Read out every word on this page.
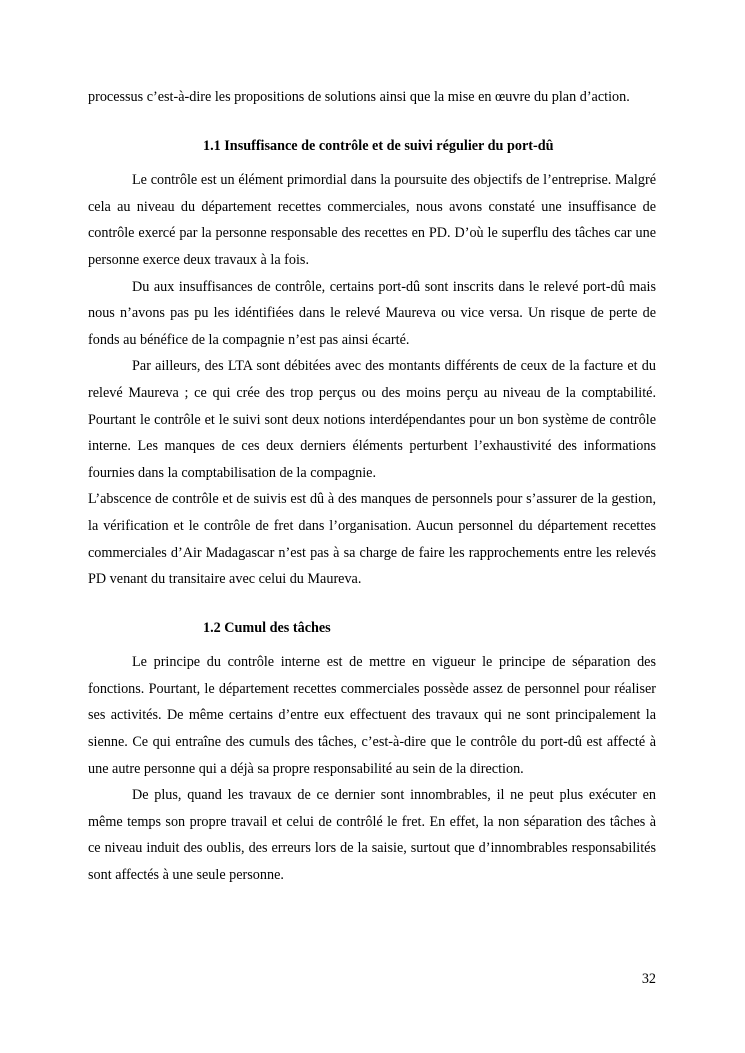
processus c’est-à-dire les propositions de solutions ainsi que la mise en œuvre du plan d’action.

1.1 Insuffisance de contrôle et de suivi régulier du port-dû

Le contrôle est un élément primordial dans la poursuite des objectifs de l’entreprise. Malgré cela au niveau du département recettes commerciales, nous avons constaté une insuffisance de contrôle exercé par la personne responsable des recettes en PD. D’où le superflu des tâches car une personne exerce deux travaux à la fois.

Du aux insuffisances de contrôle, certains port-dû sont inscrits dans le relevé port-dû mais nous n’avons pas pu les idéntifiées dans le relevé Maureva ou vice versa. Un risque de perte de fonds au bénéfice de la compagnie n’est pas ainsi écarté.

Par ailleurs, des LTA sont débitées avec des montants différents de ceux de la facture et du relevé Maureva ; ce qui crée des trop perçus ou des moins perçu au niveau de la comptabilité. Pourtant le contrôle et le suivi sont deux notions interdépendantes pour un bon système de contrôle interne. Les manques de ces deux derniers éléments perturbent l’exhaustivité des informations fournies dans la comptabilisation de la compagnie.

L’abscence de contrôle et de suivis est dû à des manques de personnels pour s’assurer de la gestion, la vérification et le contrôle de fret dans l’organisation. Aucun personnel du département recettes commerciales d’Air Madagascar n’est pas à sa charge de faire les rapprochements entre les relevés PD venant du transitaire avec celui du Maureva.

1.2 Cumul des tâches

Le principe du contrôle interne est de mettre en vigueur le principe de séparation des fonctions. Pourtant, le département recettes commerciales possède assez de personnel pour réaliser ses activités. De même certains d’entre eux effectuent des travaux qui ne sont principalement la sienne. Ce qui entraîne des cumuls des tâches, c’est-à-dire que le contrôle du port-dû est affecté à une autre personne qui a déjà sa propre responsabilité au sein de la direction.

De plus, quand les travaux de ce dernier sont innombrables, il ne peut plus exécuter en même temps son propre travail et celui de contrôlé le fret. En effet, la non séparation des tâches à ce niveau induit des oublis, des erreurs lors de la saisie, surtout que d’innombrables responsabilités sont affectés à une seule personne.

32
